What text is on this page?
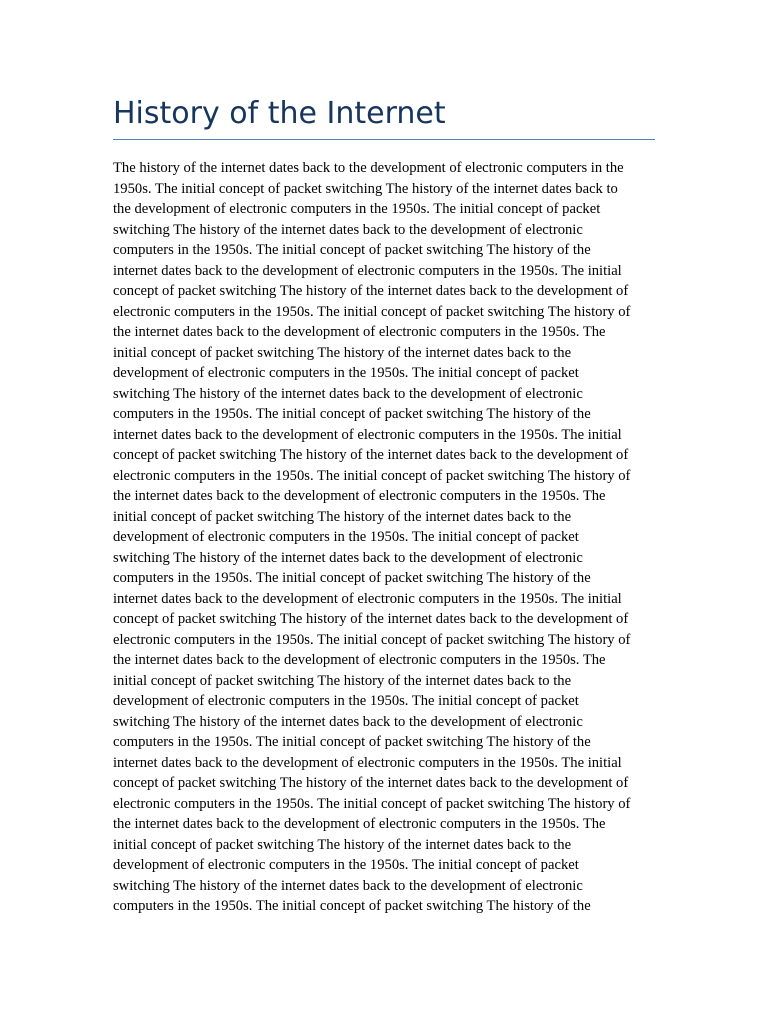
History of the Internet
The history of the internet dates back to the development of electronic computers in the
1950s. The initial concept of packet switching The history of the internet dates back to
the development of electronic computers in the 1950s. The initial concept of packet
switching The history of the internet dates back to the development of electronic
computers in the 1950s. The initial concept of packet switching The history of the
internet dates back to the development of electronic computers in the 1950s. The initial
concept of packet switching The history of the internet dates back to the development of
electronic computers in the 1950s. The initial concept of packet switching The history of
the internet dates back to the development of electronic computers in the 1950s. The
initial concept of packet switching The history of the internet dates back to the
development of electronic computers in the 1950s. The initial concept of packet
switching The history of the internet dates back to the development of electronic
computers in the 1950s. The initial concept of packet switching The history of the
internet dates back to the development of electronic computers in the 1950s. The initial
concept of packet switching The history of the internet dates back to the development of
electronic computers in the 1950s. The initial concept of packet switching The history of
the internet dates back to the development of electronic computers in the 1950s. The
initial concept of packet switching The history of the internet dates back to the
development of electronic computers in the 1950s. The initial concept of packet
switching The history of the internet dates back to the development of electronic
computers in the 1950s. The initial concept of packet switching The history of the
internet dates back to the development of electronic computers in the 1950s. The initial
concept of packet switching The history of the internet dates back to the development of
electronic computers in the 1950s. The initial concept of packet switching The history of
the internet dates back to the development of electronic computers in the 1950s. The
initial concept of packet switching The history of the internet dates back to the
development of electronic computers in the 1950s. The initial concept of packet
switching The history of the internet dates back to the development of electronic
computers in the 1950s. The initial concept of packet switching The history of the
internet dates back to the development of electronic computers in the 1950s. The initial
concept of packet switching The history of the internet dates back to the development of
electronic computers in the 1950s. The initial concept of packet switching The history of
the internet dates back to the development of electronic computers in the 1950s. The
initial concept of packet switching The history of the internet dates back to the
development of electronic computers in the 1950s. The initial concept of packet
switching The history of the internet dates back to the development of electronic
computers in the 1950s. The initial concept of packet switching The history of the
